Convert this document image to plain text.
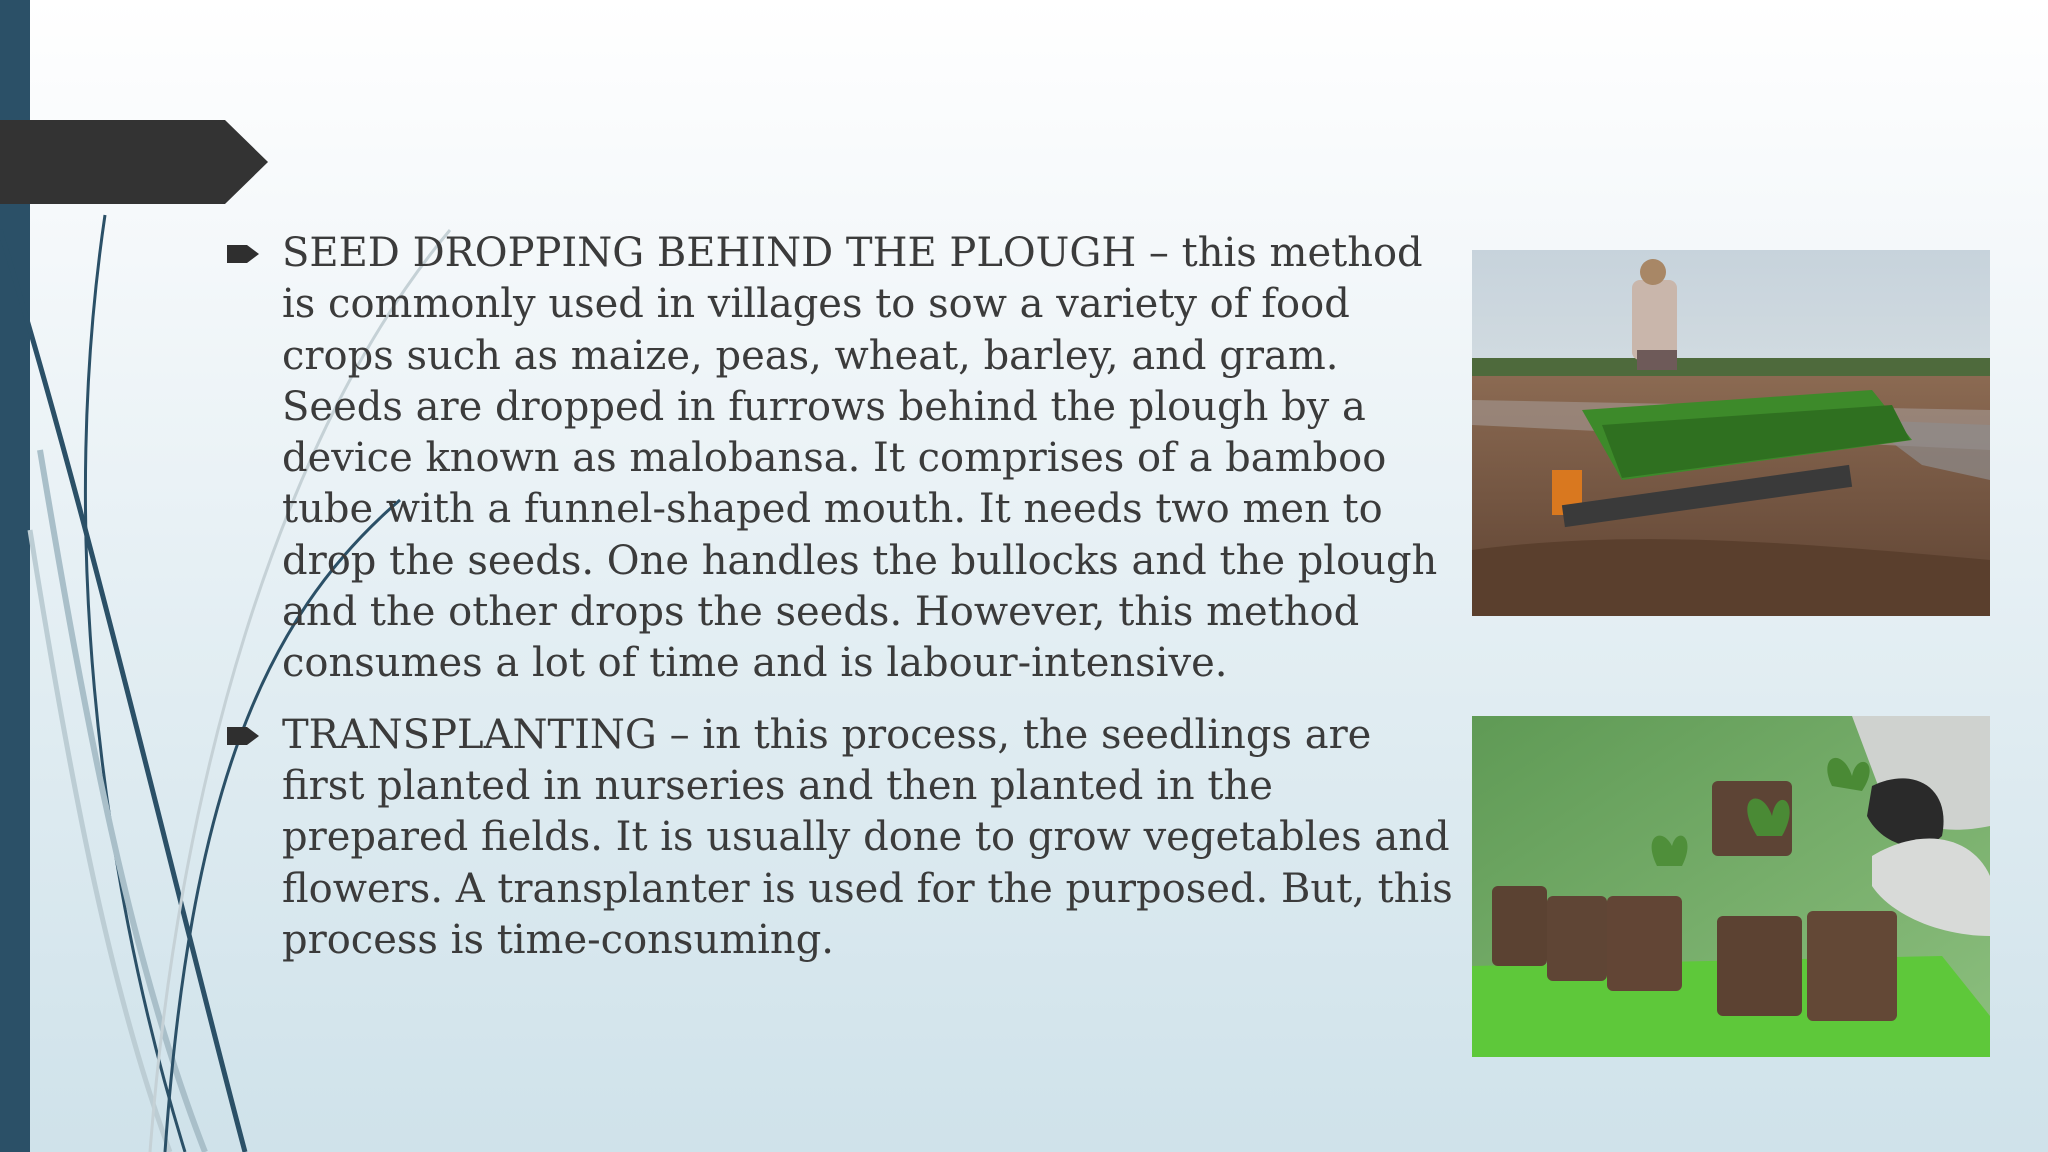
SEED DROPPING BEHIND THE PLOUGH – this method is commonly used in villages to sow a variety of food crops such as maize, peas, wheat, barley, and gram. Seeds are dropped in furrows behind the plough by a device known as malobansa. It comprises of a bamboo tube with a funnel-shaped mouth. It needs two men to drop the seeds. One handles the bullocks and the plough and the other drops the seeds. However, this method consumes a lot of time and is labour-intensive.
TRANSPLANTING – in this process, the seedlings are first planted in nurseries and then planted in the prepared fields. It is usually done to grow vegetables and flowers. A transplanter is used for the purposed. But, this process is time-consuming.
